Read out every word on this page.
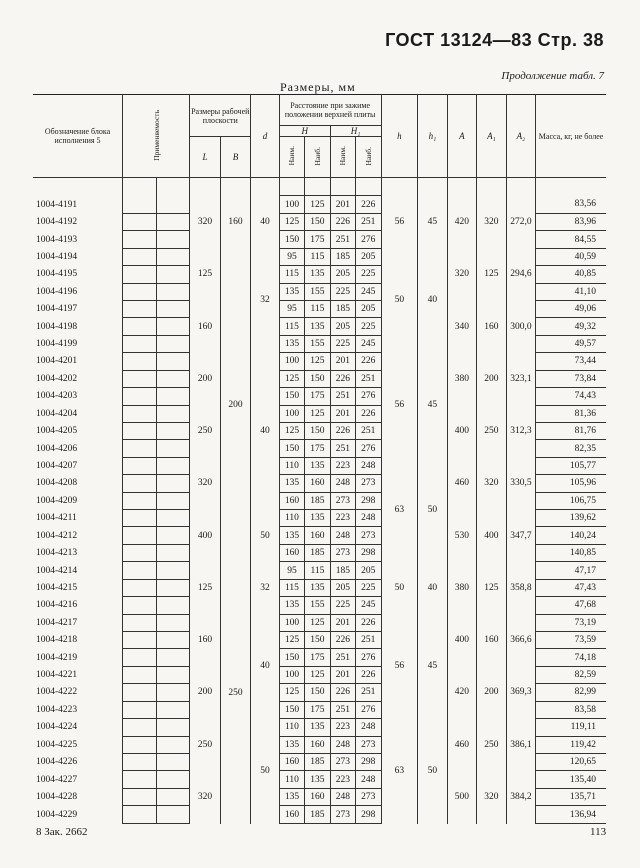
ГОСТ 13124—83 Стр. 38
Продолжение табл. 7
Размеры, мм
Обозначение блока исполнения 5	Применяемость		Размеры рабочей плоскости		d	Расстояние при зажиме положении верхней плиты				h	h₁	A	A₁	A₂	Масса, кг, не более
						H		H₁							
			L	B		Наим.	Наиб.	Наим.	Наиб.						

1004-4191			320	160	40	100	125	201	226	56	45	420	320	272,0	83,56
1004-4192						125	150	226	251						83,96
1004-4193						150	175	251	276						84,55
1004-4194			125	200	32	95	115	185	205	50	40	320	125	294,6	40,59
1004-4195						115	135	205	225						40,85
1004-4196						135	155	225	245						41,10
1004-4197			160			95	115	185	205			340	160	300,0	49,06
1004-4198						115	135	205	225						49,32
1004-4199						135	155	225	245						49,57
1004-4201			200		40	100	125	201	226	56	45	380	200	323,1	73,44
1004-4202						125	150	226	251						73,84
1004-4203						150	175	251	276						74,43
1004-4204			250			100	125	201	226			400	250	312,3	81,36
1004-4205						125	150	226	251						81,76
1004-4206						150	175	251	276						82,35
1004-4207			320			110	135	223	248	63	50	460	320	330,5	105,77
1004-4208						135	160	248	273						105,96
1004-4209						160	185	273	298						106,75
1004-4211			400		50	110	135	223	248			530	400	347,7	139,62
1004-4212						135	160	248	273						140,24
1004-4213						160	185	273	298						140,85
1004-4214			125	250	32	95	115	185	205	50	40	380	125	358,8	47,17
1004-4215						115	135	205	225						47,43
1004-4216						135	155	225	245						47,68
1004-4217			160		40	100	125	201	226	56	45	400	160	366,6	73,19
1004-4218						125	150	226	251						73,59
1004-4219						150	175	251	276						74,18
1004-4221			200			100	125	201	226			420	200	369,3	82,59
1004-4222						125	150	226	251						82,99
1004-4223						150	175	251	276						83,58
1004-4224			250		50	110	135	223	248	63	50	460	250	386,1	119,11
1004-4225						135	160	248	273						119,42
1004-4226						160	185	273	298						120,65
1004-4227			320			110	135	223	248			500	320	384,2	135,40
1004-4228						135	160	248	273						135,71
1004-4229						160	185	273	298						136,94
8 Зак. 2662	113
